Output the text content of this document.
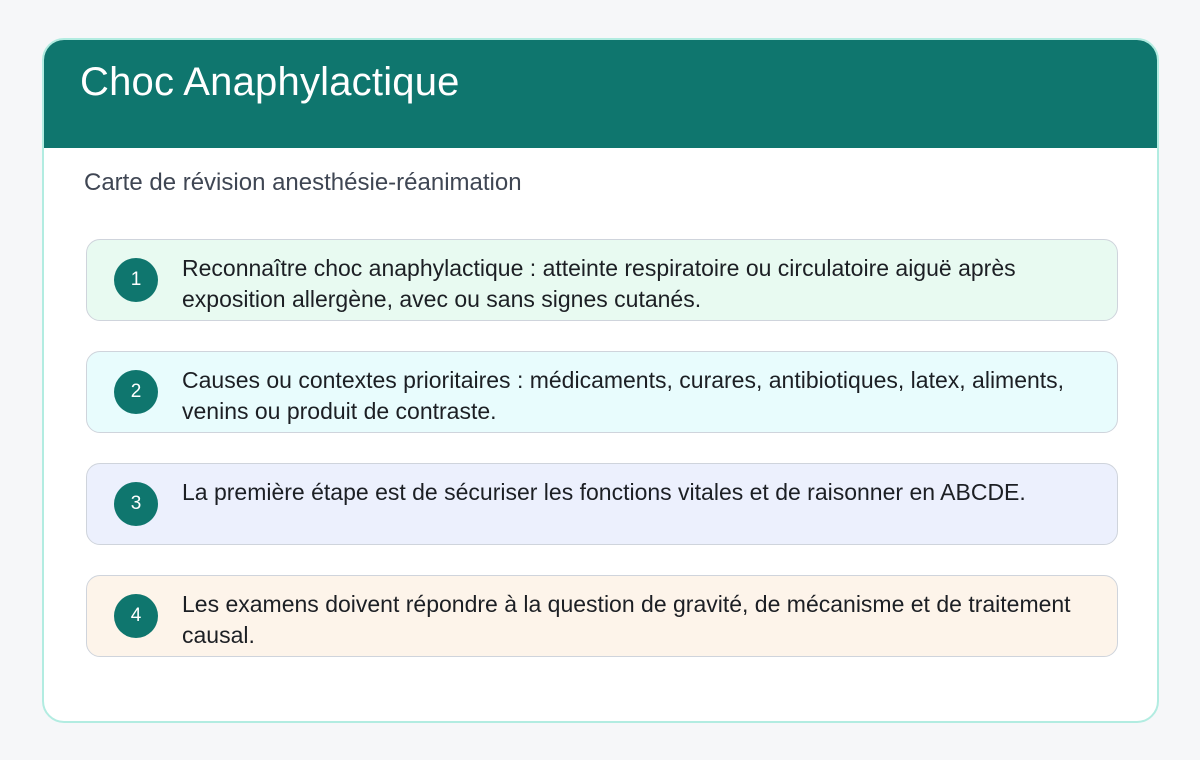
Choc Anaphylactique

Carte de révision anesthésie-réanimation

1	Reconnaître choc anaphylactique : atteinte respiratoire ou circulatoire aiguë après exposition allergène, avec ou sans signes cutanés.

2	Causes ou contextes prioritaires : médicaments, curares, antibiotiques, latex, aliments, venins ou produit de contraste.

3	La première étape est de sécuriser les fonctions vitales et de raisonner en ABCDE.

4	Les examens doivent répondre à la question de gravité, de mécanisme et de traitement causal.
